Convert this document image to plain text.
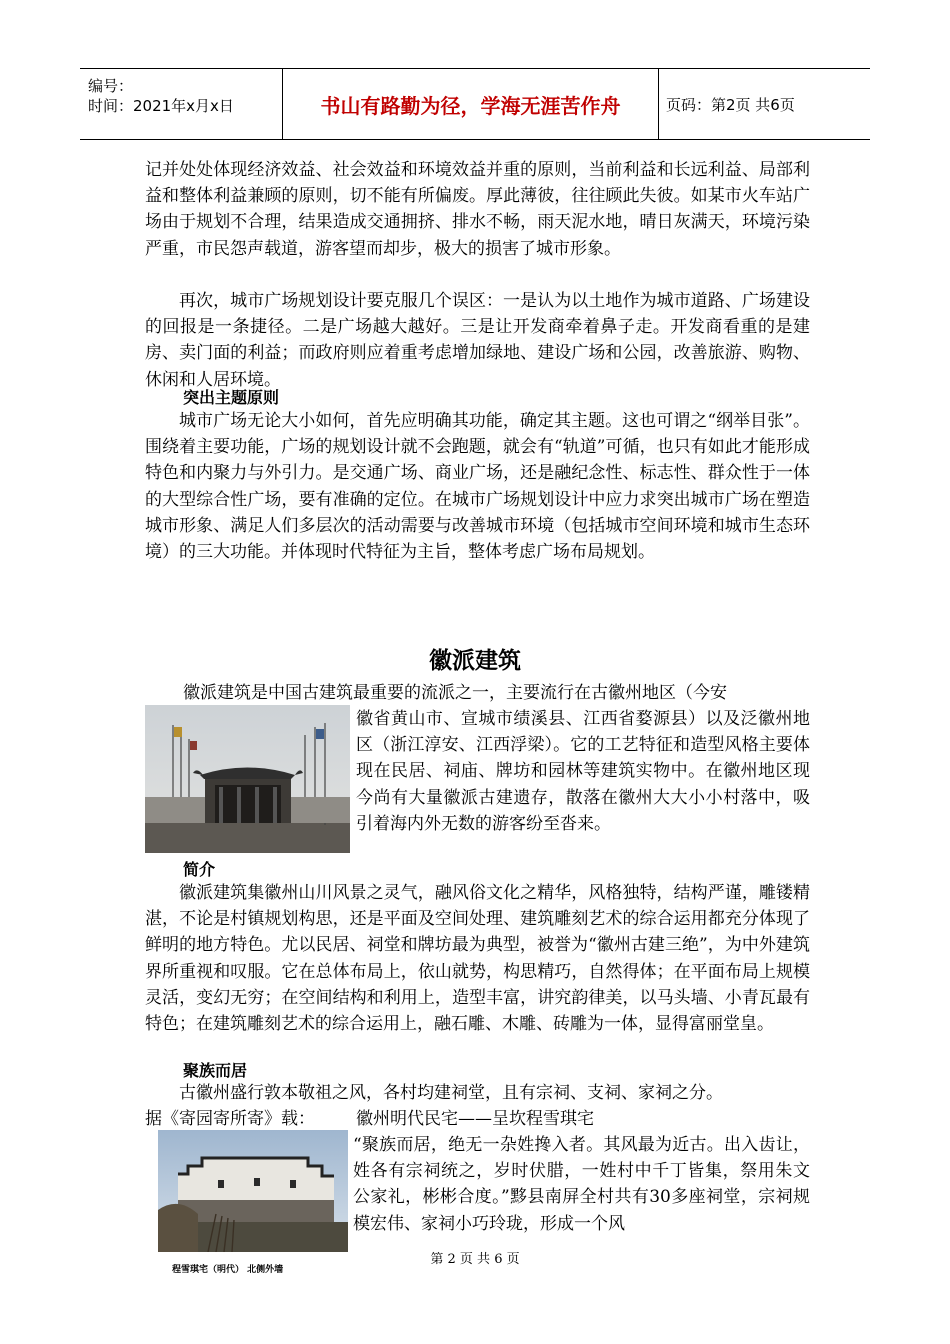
编号：
时间：2021年x月x日	书山有路勤为径，学海无涯苦作舟	页码：第2页 共6页
记并处处体现经济效益、社会效益和环境效益并重的原则，当前利益和长远利益、局部利益和整体利益兼顾的原则，切不能有所偏废。厚此薄彼，往往顾此失彼。如某市火车站广场由于规划不合理，结果造成交通拥挤、排水不畅，雨天泥水地，晴日灰满天，环境污染严重，市民怨声载道，游客望而却步，极大的损害了城市形象。
再次，城市广场规划设计要克服几个误区：一是认为以土地作为城市道路、广场建设的回报是一条捷径。二是广场越大越好。三是让开发商牵着鼻子走。开发商看重的是建房、卖门面的利益；而政府则应着重考虑增加绿地、建设广场和公园，改善旅游、购物、休闲和人居环境。
突出主题原则
城市广场无论大小如何，首先应明确其功能，确定其主题。这也可谓之“纲举目张”。围绕着主要功能，广场的规划设计就不会跑题，就会有“轨道”可循，也只有如此才能形成特色和内聚力与外引力。是交通广场、商业广场，还是融纪念性、标志性、群众性于一体的大型综合性广场，要有准确的定位。在城市广场规划设计中应力求突出城市广场在塑造城市形象、满足人们多层次的活动需要与改善城市环境（包括城市空间环境和城市生态环境）的三大功能。并体现时代特征为主旨，整体考虑广场布局规划。
徽派建筑
徽派建筑是中国古建筑最重要的流派之一，主要流行在古徽州地区（今安
徽省黄山市、宣城市绩溪县、江西省婺源县）以及泛徽州地区（浙江淳安、江西浮梁）。它的工艺特征和造型风格主要体现在民居、祠庙、牌坊和园林等建筑实物中。在徽州地区现今尚有大量徽派古建遗存，散落在徽州大大小小村落中，吸引着海内外无数的游客纷至沓来。
简介
徽派建筑集徽州山川风景之灵气，融风俗文化之精华，风格独特，结构严谨，雕镂精湛，不论是村镇规划构思，还是平面及空间处理、建筑雕刻艺术的综合运用都充分体现了鲜明的地方特色。尤以民居、祠堂和牌坊最为典型，被誉为“徽州古建三绝”，为中外建筑界所重视和叹服。它在总体布局上，依山就势，构思精巧，自然得体；在平面布局上规模灵活，变幻无穷；在空间结构和利用上，造型丰富，讲究韵律美，以马头墙、小青瓦最有特色；在建筑雕刻艺术的综合运用上，融石雕、木雕、砖雕为一体，显得富丽堂皇。
聚族而居
古徽州盛行敦本敬祖之风，各村均建祠堂，且有宗祠、支祠、家祠之分。
据《寄园寄所寄》载：	徽州明代民宅——呈坎程雪琪宅
“聚族而居，绝无一杂姓搀入者。其风最为近古。出入齿让，姓各有宗祠统之，岁时伏腊，一姓村中千丁皆集，祭用朱文公家礼，彬彬合度。”黟县南屏全村共有30多座祠堂，宗祠规模宏伟、家祠小巧玲珑，形成一个风
程雪琪宅（明代） 北侧外墙
第 2 页 共 6 页
